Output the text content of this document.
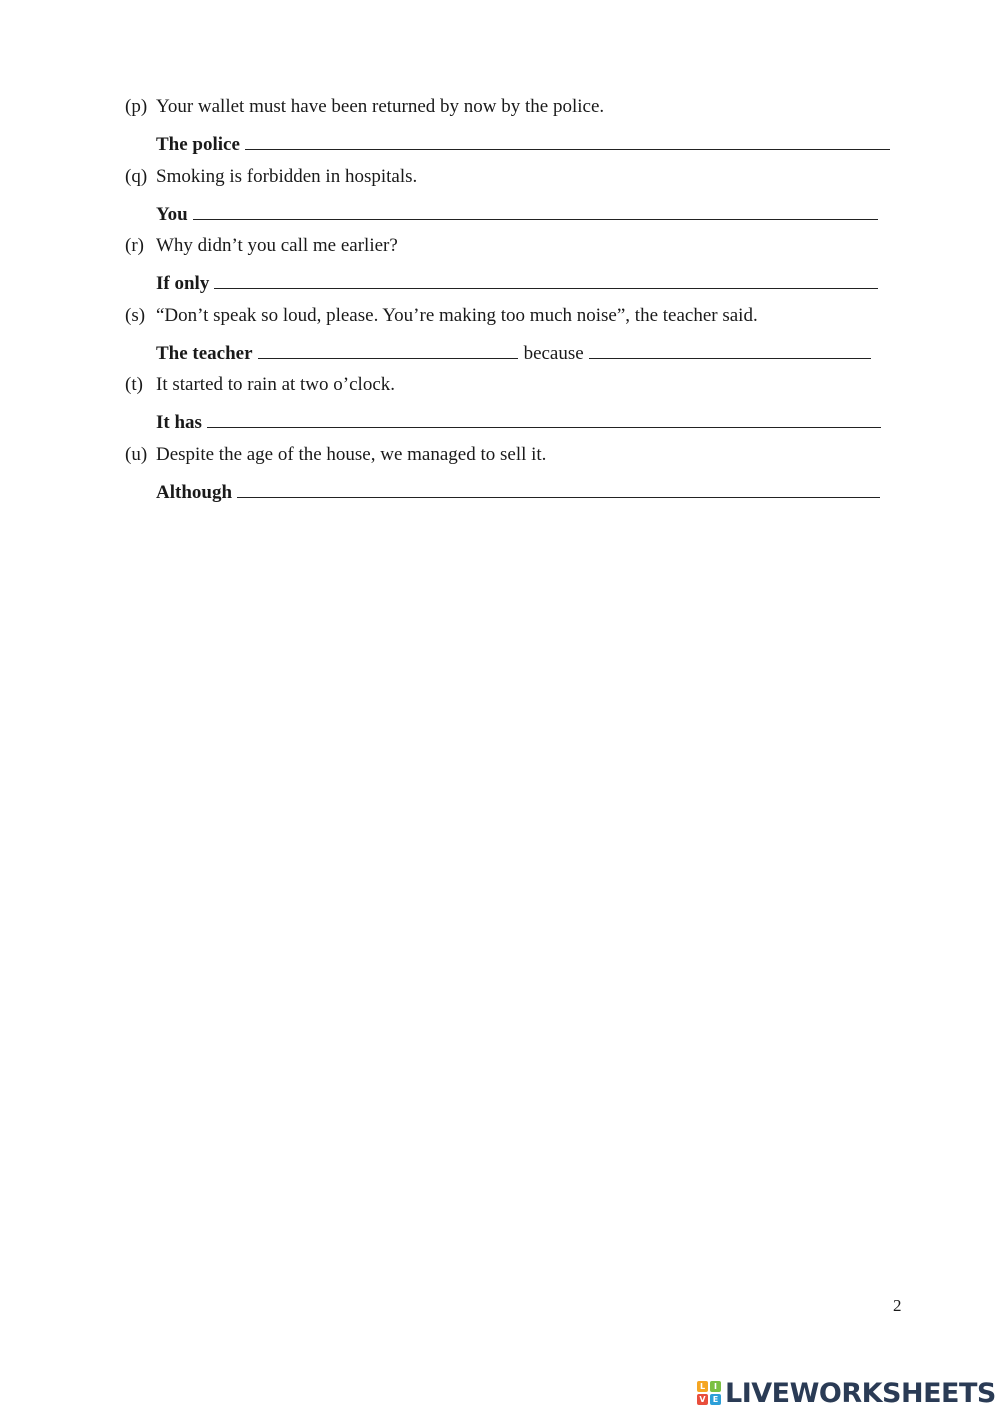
(p) Your wallet must have been returned by now by the police.
The police
(q) Smoking is forbidden in hospitals.
You
(r) Why didn’t you call me earlier?
If only
(s) “Don’t speak so loud, please. You’re making too much noise”, the teacher said.
The teacher	because
(t) It started to rain at two o’clock.
It has
(u) Despite the age of the house, we managed to sell it.
Although
2
L	I
V E LIVEWORKSHEETS
